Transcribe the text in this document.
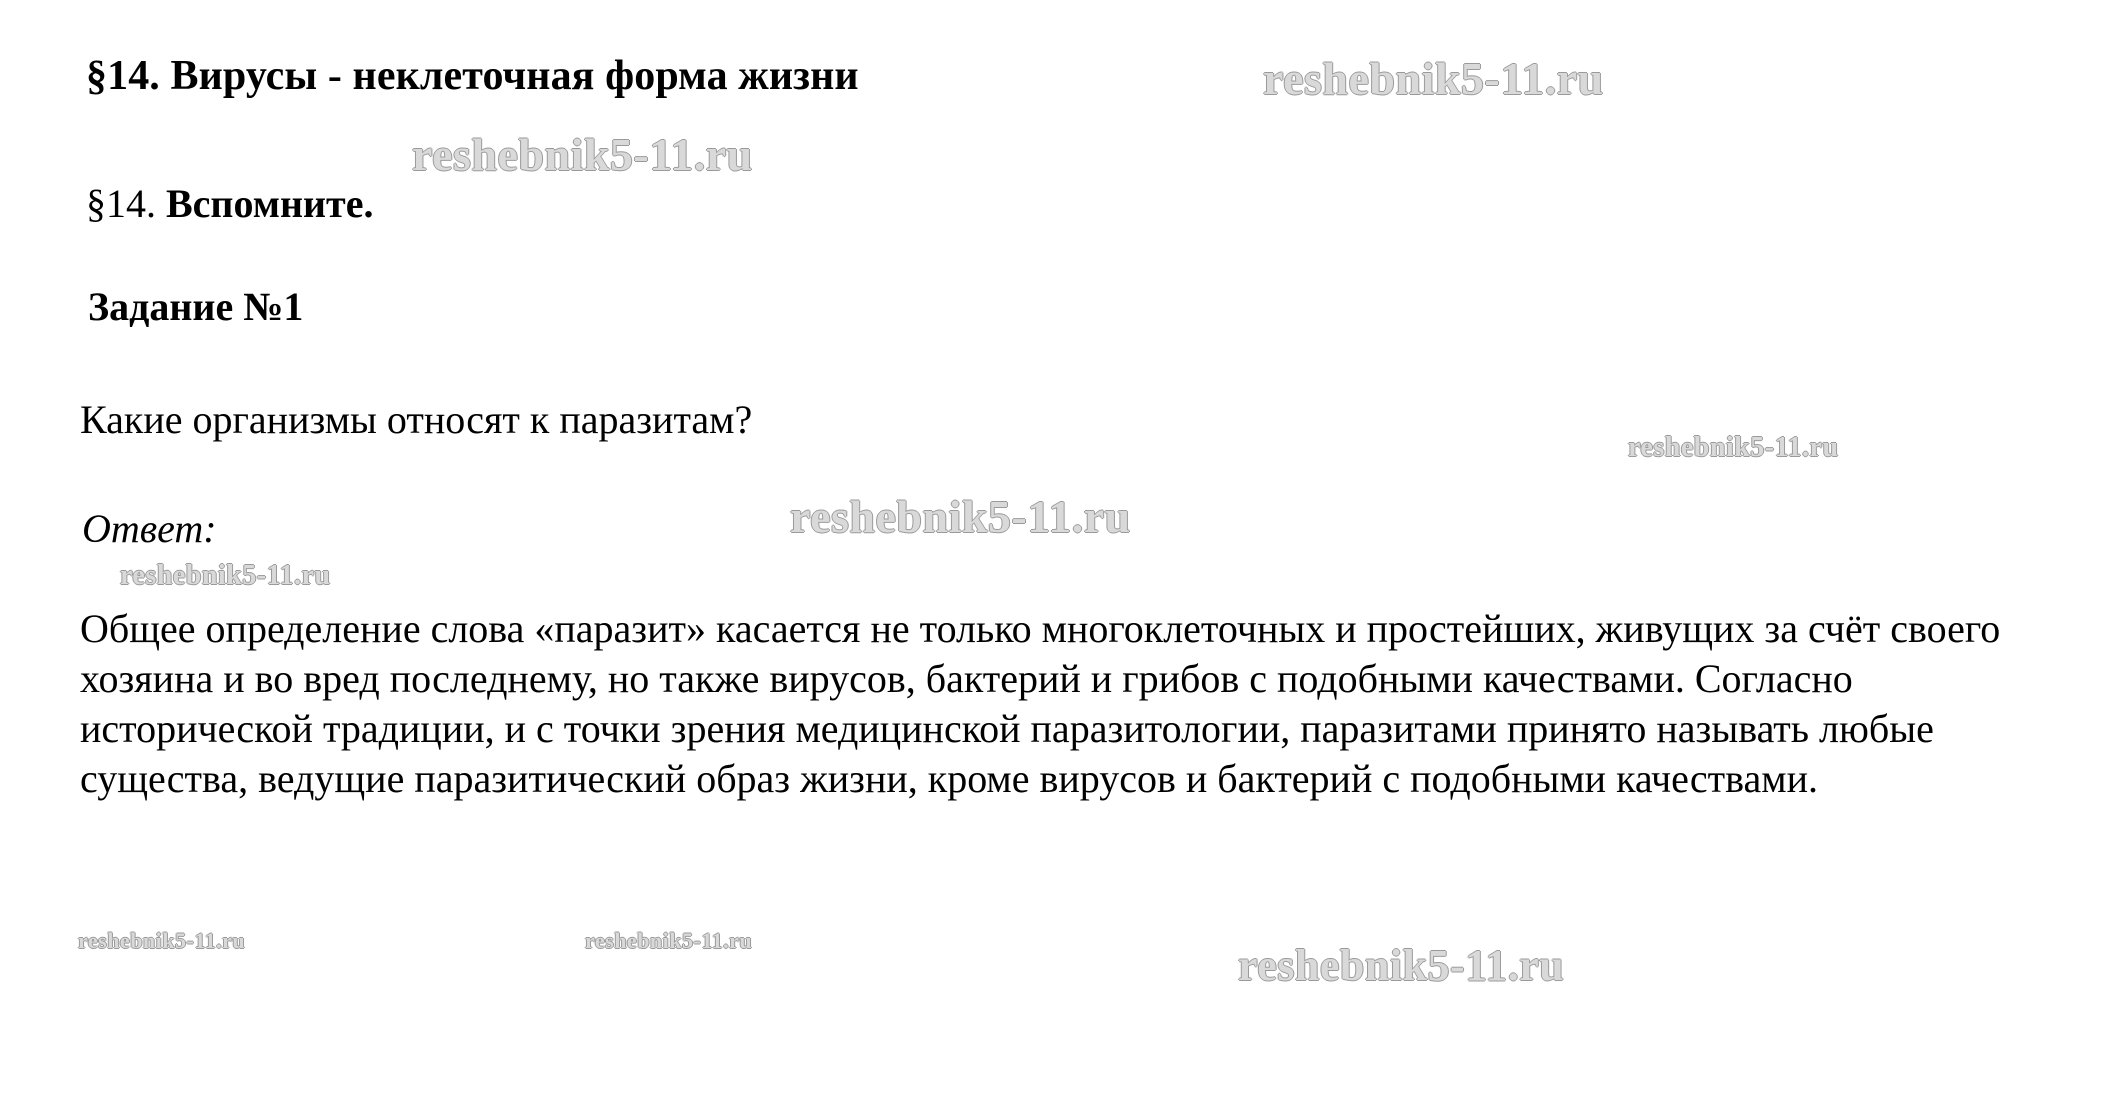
§14. Вирусы - неклеточная форма жизни
§14. Вспомните.
Задание №1
Какие организмы относят к паразитам?
Ответ:
Общее определение слова «паразит» касается не только многоклеточных и простейших, живущих за счёт своего хозяина и во вред последнему, но также вирусов, бактерий и грибов с подобными качествами. Согласно исторической традиции, и с точки зрения медицинской паразитологии, паразитами принято называть любые существа, ведущие паразитический образ жизни, кроме вирусов и бактерий с подобными качествами.
reshebnik5-11.ru
reshebnik5-11.ru
reshebnik5-11.ru
reshebnik5-11.ru
reshebnik5-11.ru
reshebnik5-11.ru	reshebnik5-11.ru
reshebnik5-11.ru
